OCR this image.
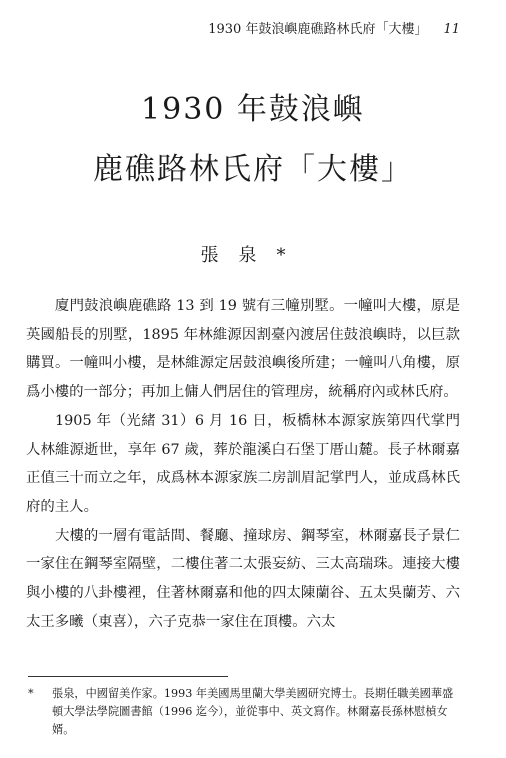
1930 年鼓浪嶼鹿礁路林氏府「大樓」 11
1930 年鼓浪嶼
鹿礁路林氏府「大樓」
張泉*

廈門鼓浪嶼鹿礁路 13 到 19 號有三幢別墅。一幢叫大樓，原是英國船長的別墅，1895 年林維源因割臺內渡居住鼓浪嶼時，以巨款購買。一幢叫小樓，是林維源定居鼓浪嶼後所建；一幢叫八角樓，原爲小樓的一部分；再加上傭人們居住的管理房，統稱府內或林氏府。

1905 年（光緒 31）6 月 16 日，板橋林本源家族第四代掌門人林維源逝世，享年 67 歲，葬於龍溪白石堡丁厝山麓。長子林爾嘉正值三十而立之年，成爲林本源家族二房訓眉記掌門人，並成爲林氏府的主人。

大樓的一層有電話間、餐廳、撞球房、鋼琴室，林爾嘉長子景仁一家住在鋼琴室隔壁，二樓住著二太張妄紡、三太高瑞珠。連接大樓與小樓的八卦樓裡，住著林爾嘉和他的四太陳蘭谷、五太吳蘭芳、六太王多曦（東喜），六子克恭一家住在頂樓。六太

*	張泉，中國留美作家。1993 年美國馬里蘭大學美國研究博士。長期任職美國華盛頓大學法學院圖書館（1996 迄今），並從事中、英文寫作。林爾嘉長孫林慰楨女婿。
